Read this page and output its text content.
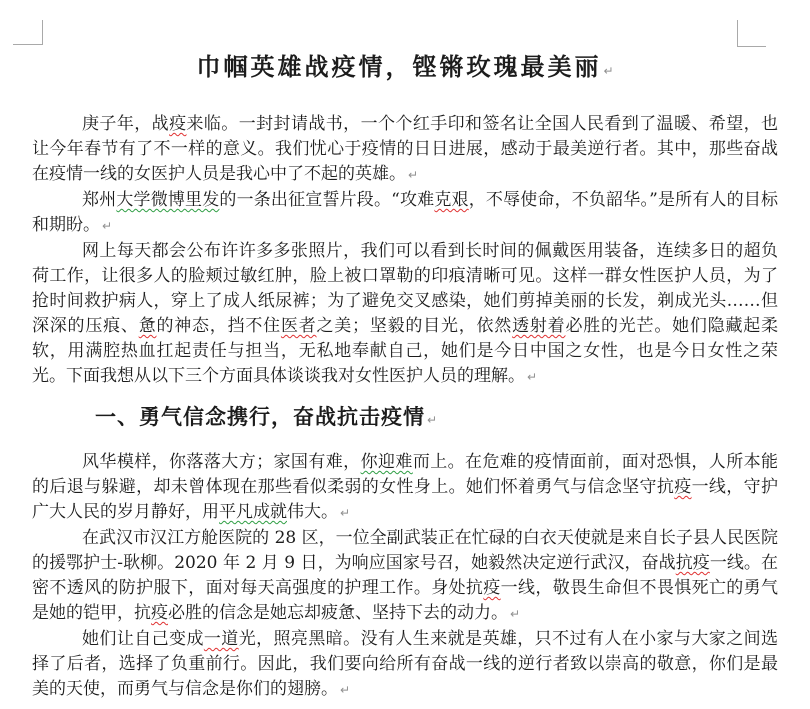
巾帼英雄战疫情，铿锵玫瑰最美丽 ↵
庚子年，战疫来临。一封封请战书，一个个红手印和签名让全国人民看到了温暖、希望，也让今年春节有了不一样的意义。我们忧心于疫情的日日进展，感动于最美逆行者。其中，那些奋战在疫情一线的女医护人员是我心中了不起的英雄。 ↵
郑州大学微博里发的一条出征宣誓片段。“攻难克艰，不辱使命，不负韶华。”是所有人的目标和期盼。 ↵
网上每天都会公布许许多多张照片，我们可以看到长时间的佩戴医用装备，连续多日的超负荷工作，让很多人的脸颊过敏红肿，脸上被口罩勒的印痕清晰可见。这样一群女性医护人员，为了抢时间救护病人，穿上了成人纸尿裤；为了避免交叉感染，她们剪掉美丽的长发，剃成光头……但深深的压痕、惫的神态，挡不住医者之美；坚毅的目光，依然透射着必胜的光芒。她们隐藏起柔软，用满腔热血扛起责任与担当，无私地奉献自己，她们是今日中国之女性，也是今日女性之荣光。下面我想从以下三个方面具体谈谈我对女性医护人员的理解。 ↵
一、勇气信念携行，奋战抗击疫情 ↵
风华模样，你落落大方；家国有难，你迎难而上。在危难的疫情面前，面对恐惧，人所本能的后退与躲避，却未曾体现在那些看似柔弱的女性身上。她们怀着勇气与信念坚守抗疫一线，守护广大人民的岁月静好，用平凡成就伟大。 ↵
在武汉市汉江方舱医院的 28 区，一位全副武装正在忙碌的白衣天使就是来自长子县人民医院的援鄂护士-耿柳。2020 年 2 月 9 日，为响应国家号召，她毅然决定逆行武汉，奋战抗疫一线。在密不透风的防护服下，面对每天高强度的护理工作。身处抗疫一线，敬畏生命但不畏惧死亡的勇气是她的铠甲，抗疫必胜的信念是她忘却疲惫、坚持下去的动力。 ↵
她们让自己变成一道光，照亮黑暗。没有人生来就是英雄，只不过有人在小家与大家之间选择了后者，选择了负重前行。因此，我们要向给所有奋战一线的逆行者致以崇高的敬意，你们是最美的天使，而勇气与信念是你们的翅膀。 ↵
